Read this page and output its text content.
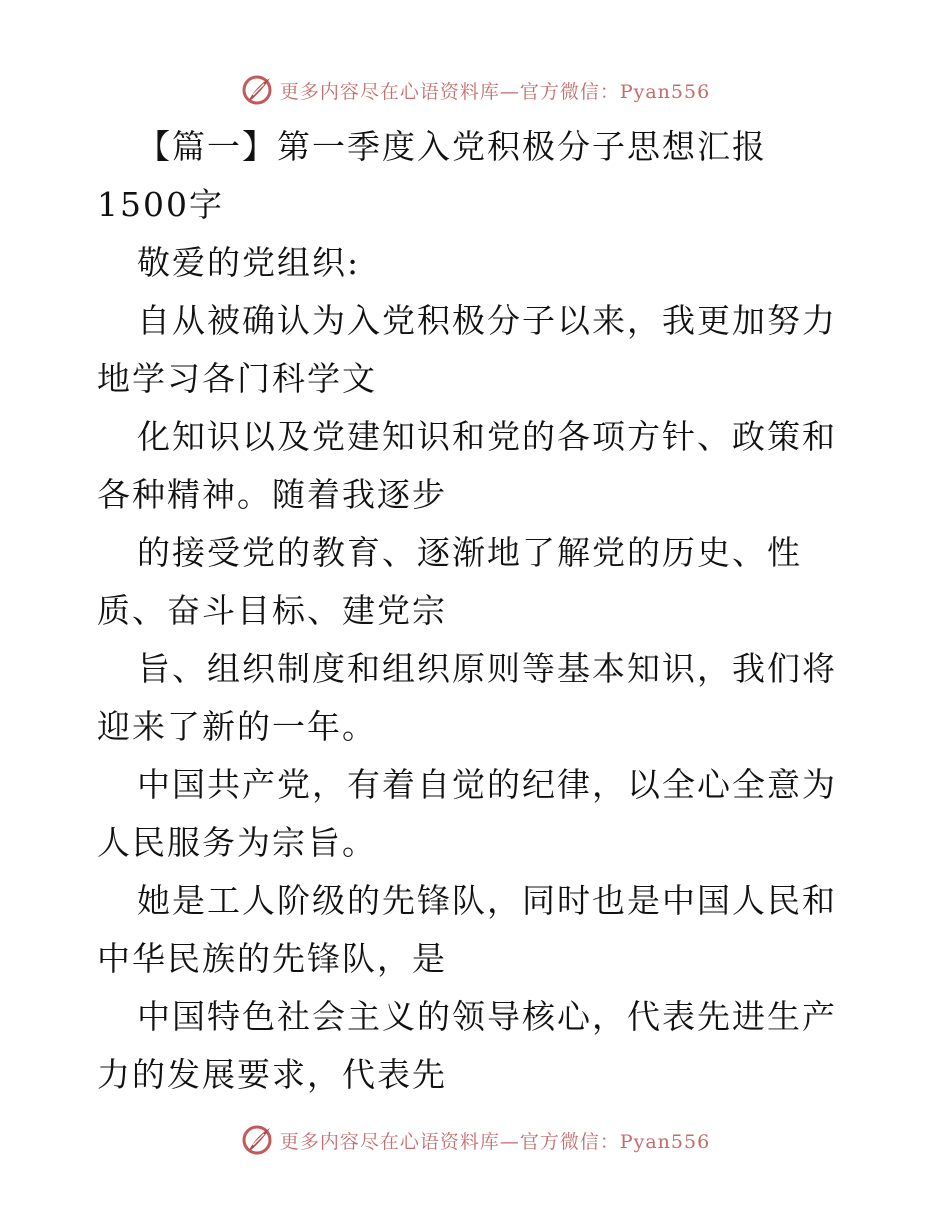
更多内容尽在心语资料库—官方微信：Pyan556
【篇一】第一季度入党积极分子思想汇报 1500字

敬爱的党组织:

自从被确认为入党积极分子以来，我更加努力地学习各门科学文

化知识以及党建知识和党的各项方针、政策和各种精神。随着我逐步

的接受党的教育、逐渐地了解党的历史、性质、奋斗目标、建党宗

旨、组织制度和组织原则等基本知识，我们将迎来了新的一年。

中国共产党，有着自觉的纪律，以全心全意为人民服务为宗旨。

她是工人阶级的先锋队，同时也是中国人民和中华民族的先锋队，是

中国特色社会主义的领导核心，代表先进生产力的发展要求，代表先

更多内容尽在心语资料库—官方微信：Pyan556
